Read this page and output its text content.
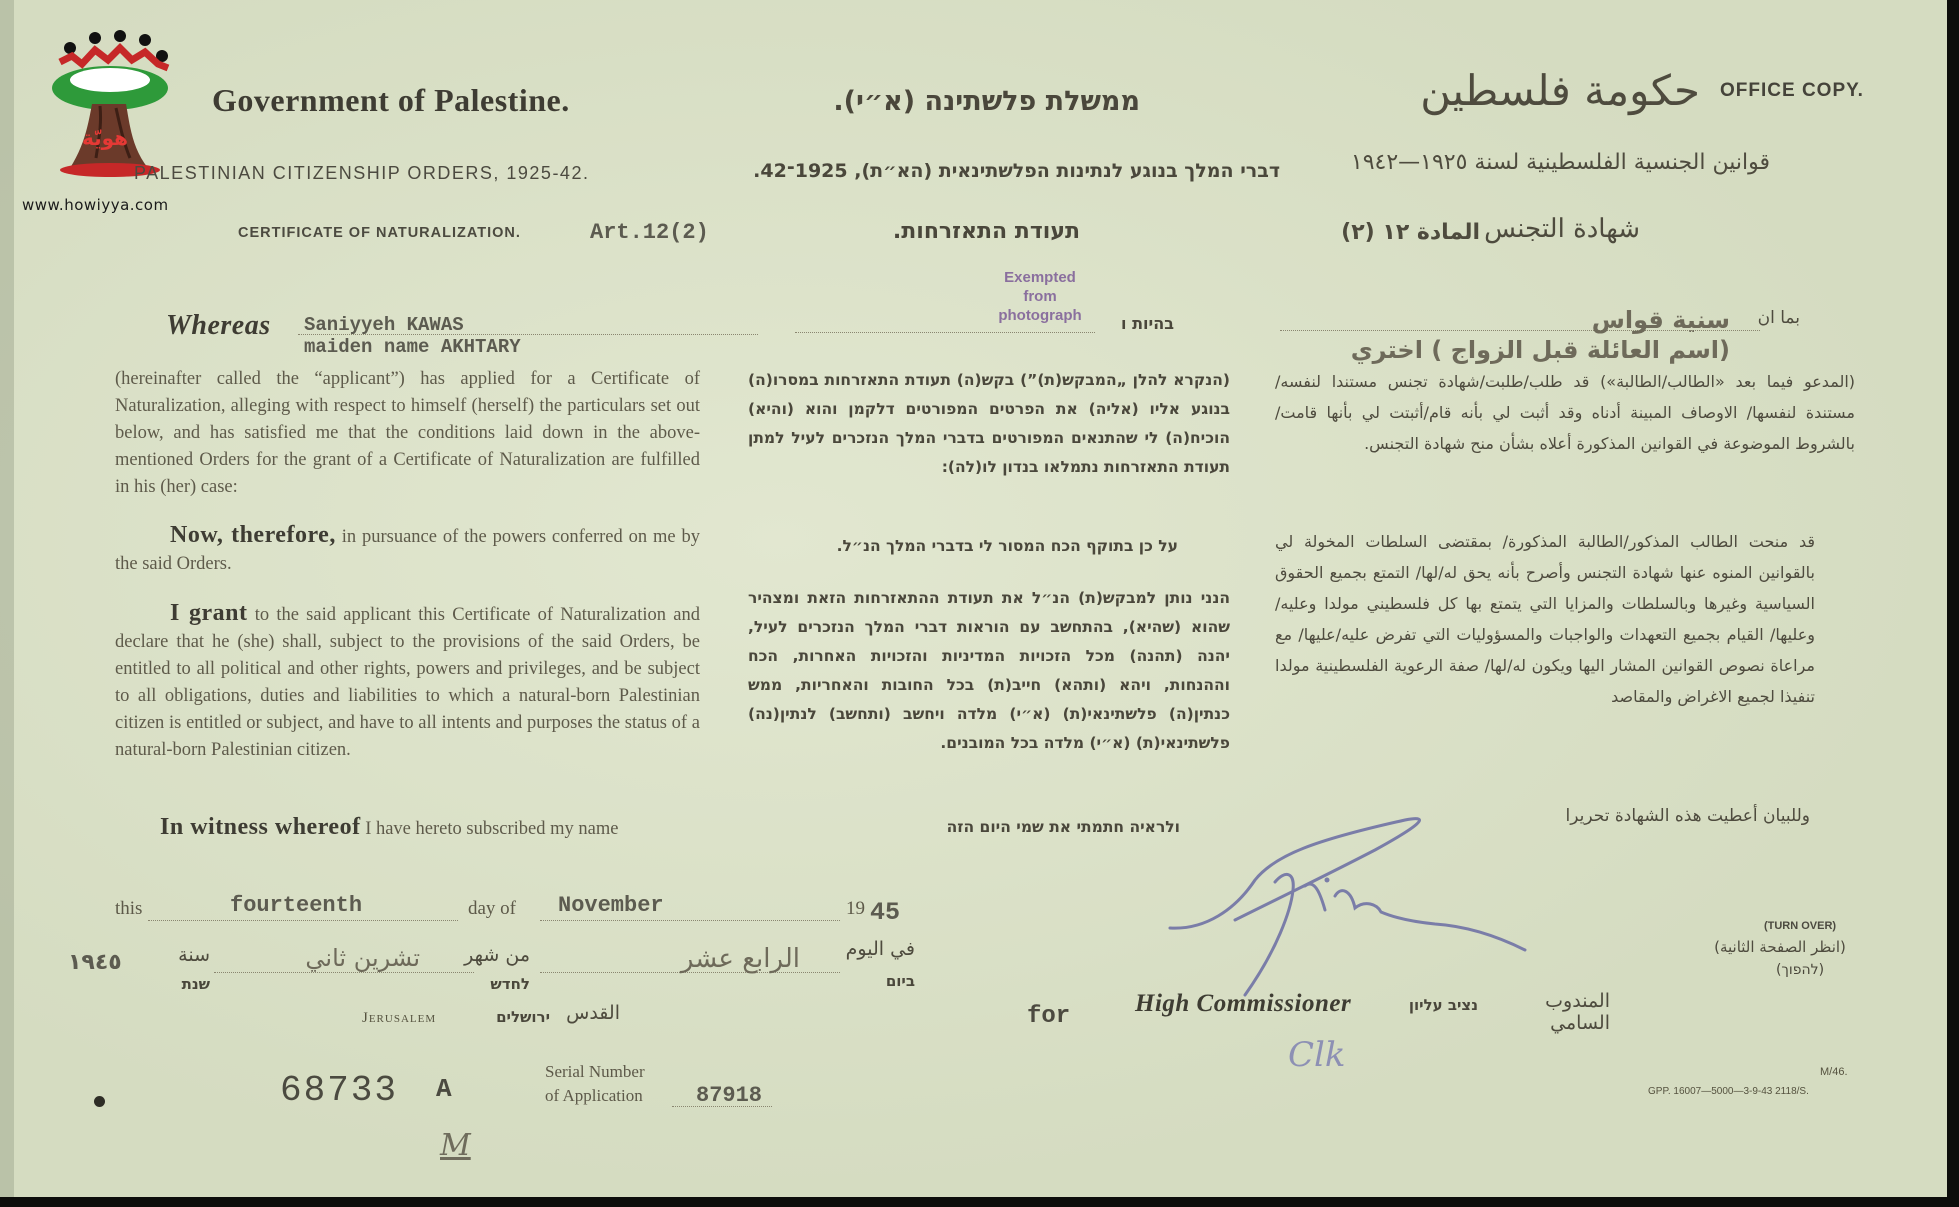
هويّة
www.howiyya.com
Government of Palestine.	ממשלת פלשתינה (א״י).	حكومة فلسطين OFFICE COPY.
PALESTINIAN CITIZENSHIP ORDERS, 1925-42.	דברי המלך בנוגע לנתינות הפלשתינאית (הא״ת), 1925־42.	قوانين الجنسية الفلسطينية لسنة ١٩٢٥—١٩٤٢
CERTIFICATE OF NATURALIZATION.	Art.12(2)	תעודת התאזרחות.	المادة ١٢ (٢) شهادة التجنس
Whereas Saniyyeh KAWAS
maiden name AKHTARY
Exempted
from
photograph	בהיות ו	بما ان
سنية قواس
(اسم العائلة قبل الزواج ) اختري
(hereinafter called the “applicant”) has applied for a Certificate of Naturalization, alleging with respect to himself (herself) the particulars set out below, and has satisfied me that the conditions laid down in the above-mentioned Orders for the grant of a Certificate of Naturalization are fulfilled in his (her) case:
Now, therefore, in pursuance of the powers conferred on me by the said Orders.
I grant to the said applicant this Certificate of Naturalization and declare that he (she) shall, subject to the provisions of the said Orders, be entitled to all political and other rights, powers and privileges, and be subject to all obligations, duties and liabilities to which a natural-born Palestinian citizen is entitled or subject, and have to all intents and purposes the status of a natural-born Palestinian citizen.
In witness whereof I have hereto subscribed my name
(הנקרא להלן „המבקש(ת)”) בקש(ה) תעודת התאזרחות במסרו(ה) בנוגע אליו (אליה) את הפרטים המפורטים דלקמן והוא (והיא) הוכיח(ה) לי שהתנאים המפורטים בדברי המלך הנזכרים לעיל למתן תעודת התאזרחות נתמלאו בנדון לו(לה):
על כן בתוקף הכח המסור לי בדברי המלך הנ״ל.
הנני נותן למבקש(ת) הנ״ל את תעודת ההתאזרחות הזאת ומצהיר שהוא (שהיא), בהתחשב עם הוראות דברי המלך הנזכרים לעיל, יהנה (תהנה) מכל הזכויות המדיניות והזכויות האחרות, הכח וההנחות, ויהא (ותהא) חייב(ת) בכל החובות והאחריות, ממש כנתין(ה) פלשתינאי(ת) (א״י) מלדה ויחשב (ותחשב) לנתין(נה) פלשתינאי(ת) (א״י) מלדה בכל המובנים.
ולראיה חתמתי את שמי היום הזה
(المدعو فيما بعد «الطالب/الطالبة») قد طلب/طلبت/شهادة تجنس مستندا لنفسه/ مستندة لنفسها/ الاوصاف المبينة أدناه وقد أثبت لي بأنه قام/أثبتت لي بأنها قامت/ بالشروط الموضوعة في القوانين المذكورة أعلاه بشأن منح شهادة التجنس.
قد منحت الطالب المذكور/الطالبة المذكورة/ بمقتضى السلطات المخولة لي بالقوانين المنوه عنها شهادة التجنس وأصرح بأنه يحق له/لها/ التمتع بجميع الحقوق السياسية وغيرها وبالسلطات والمزايا التي يتمتع بها كل فلسطيني مولدا وعليه/وعليها/ القيام بجميع التعهدات والواجبات والمسؤوليات التي تفرض عليه/عليها/ مع مراعاة نصوص القوانين المشار اليها ويكون له/لها/ صفة الرعوية الفلسطينية مولدا تنفيذا لجميع الاغراض والمقاصد
وللبيان أعطيت هذه الشهادة تحريرا
this	fourteenth	day of November	19 45
١٩٤٥	سنة
שנת
تشرين ثاني	من شهر
לחדש
الرابع عشر	في اليوم
ביום
Jerusalem	ירושלים القدس	for	High Commissioner	נציב עליון	المندوب السامي
Clk
(TURN OVER)
(انظر الصفحة الثانية)
(להפוך)
68733 A
Serial Number
of Application 87918
M
M/46.
GPP. 16007—5000—3-9-43 2118/S.
